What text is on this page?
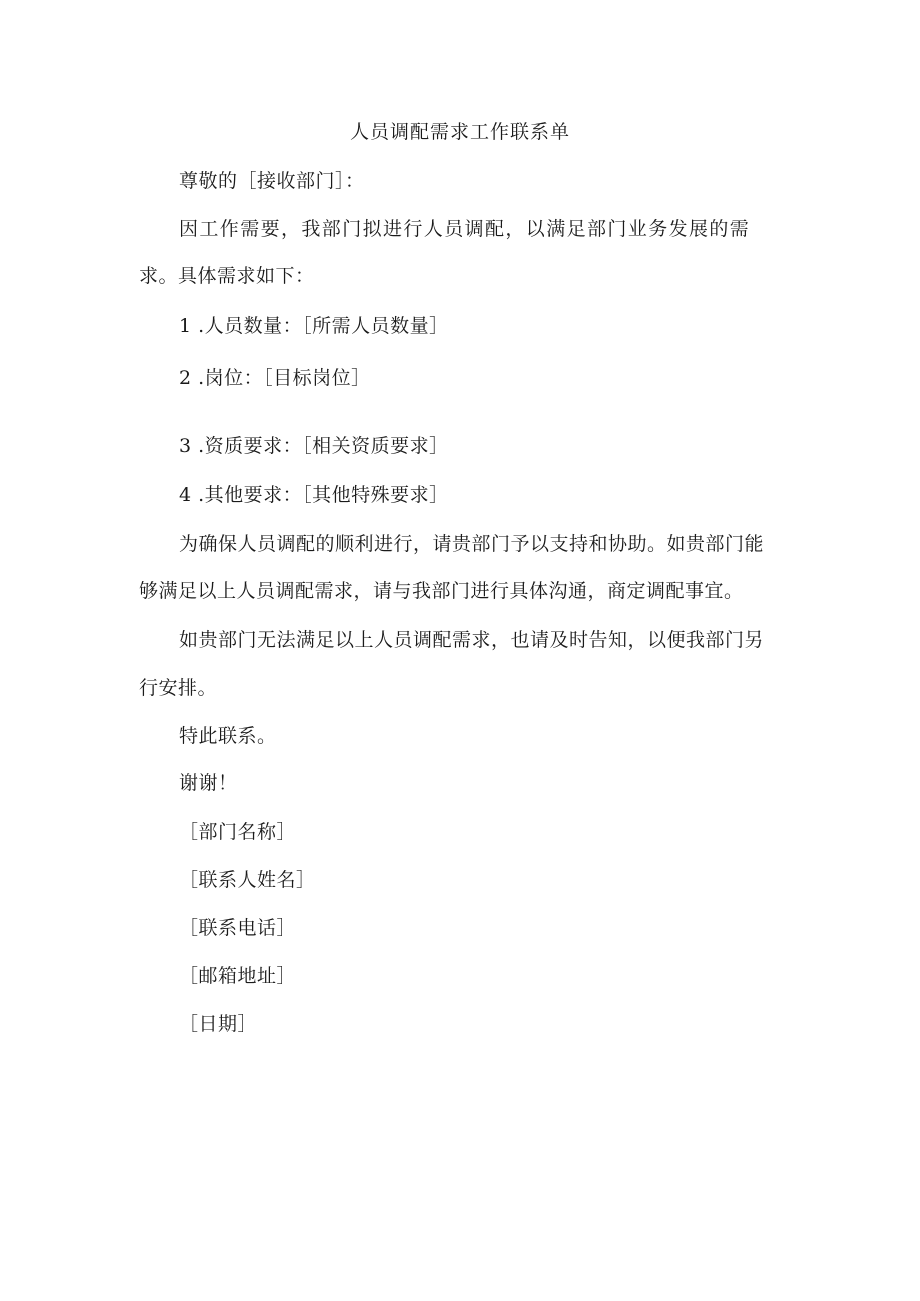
人员调配需求工作联系单
尊敬的［接收部门］：
因工作需要，我部门拟进行人员调配，以满足部门业务发展的需
求。具体需求如下：
1 .人员数量：［所需人员数量］
2 .岗位：［目标岗位］
3 .资质要求：［相关资质要求］
4 .其他要求：［其他特殊要求］
为确保人员调配的顺利进行，请贵部门予以支持和协助。如贵部门能
够满足以上人员调配需求，请与我部门进行具体沟通，商定调配事宜。
如贵部门无法满足以上人员调配需求，也请及时告知，以便我部门另
行安排。
特此联系。
谢谢！
［部门名称］
［联系人姓名］
［联系电话］
［邮箱地址］
［日期］
